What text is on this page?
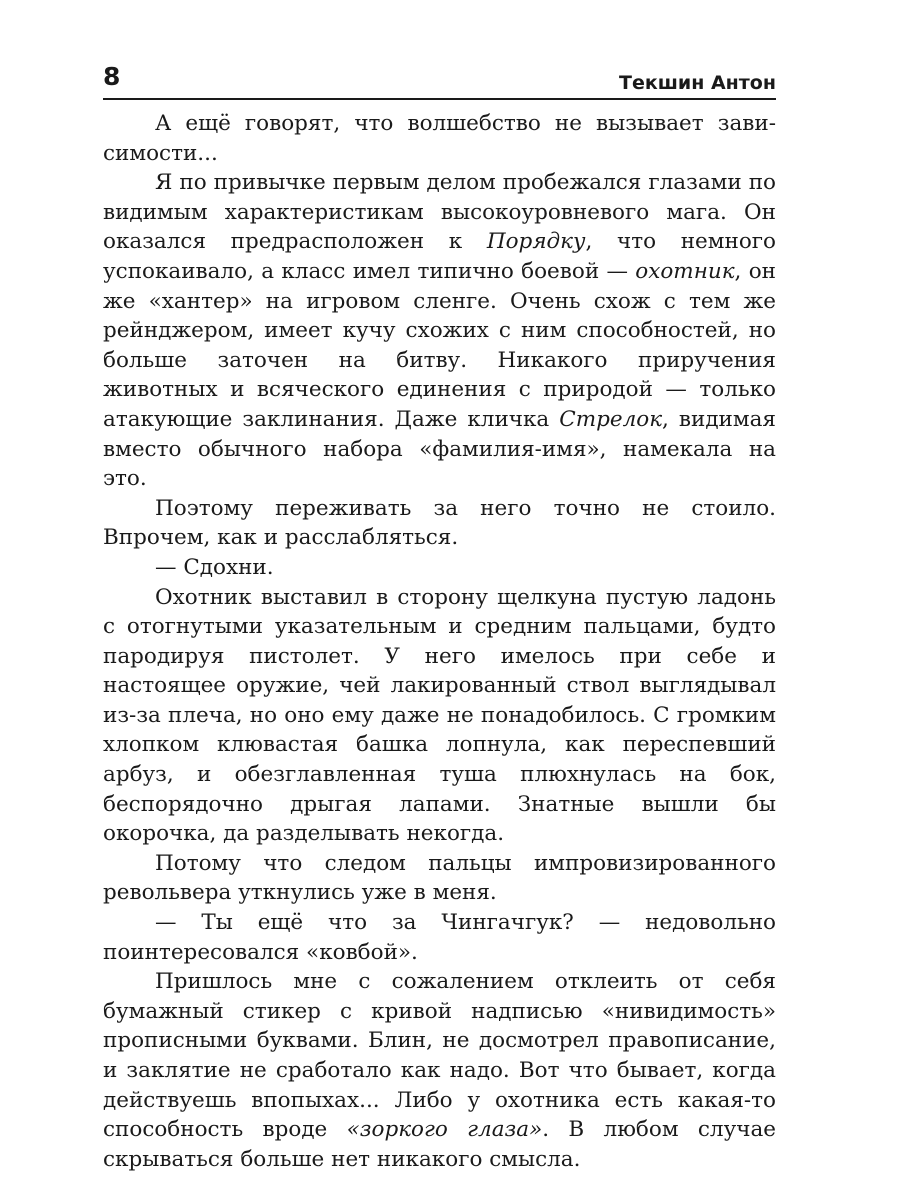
8	Текшин Антон

А ещё говорят, что волшебство не вызывает зависимости...

Я по привычке первым делом пробежался глазами по видимым характеристикам высокоуровневого мага. Он оказался предрасположен к Порядку, что немного успокаивало, а класс имел типично боевой — охотник, он же «хантер» на игровом сленге. Очень схож с тем же рейнджером, имеет кучу схожих с ним способностей, но больше заточен на битву. Никакого приручения животных и всяческого единения с природой — только атакующие заклинания. Даже кличка Стрелок, видимая вместо обычного набора «фамилия-имя», намекала на это.

Поэтому переживать за него точно не стоило. Впрочем, как и расслабляться.

— Сдохни.

Охотник выставил в сторону щелкуна пустую ладонь с отогнутыми указательным и средним пальцами, будто пародируя пистолет. У него имелось при себе и настоящее оружие, чей лакированный ствол выглядывал из-за плеча, но оно ему даже не понадобилось. С громким хлопком клювастая башка лопнула, как переспевший арбуз, и обезглавленная туша плюхнулась на бок, беспорядочно дрыгая лапами. Знатные вышли бы окорочка, да разделывать некогда.

Потому что следом пальцы импровизированного револьвера уткнулись уже в меня.

— Ты ещё что за Чингачгук? — недовольно поинтересовался «ковбой».

Пришлось мне с сожалением отклеить от себя бумажный стикер с кривой надписью «нивидимость» прописными буквами. Блин, не досмотрел правописание, и заклятие не сработало как надо. Вот что бывает, когда действуешь впопыхах... Либо у охотника есть какая-то способность вроде «зоркого глаза». В любом случае скрываться больше нет никакого смысла.
